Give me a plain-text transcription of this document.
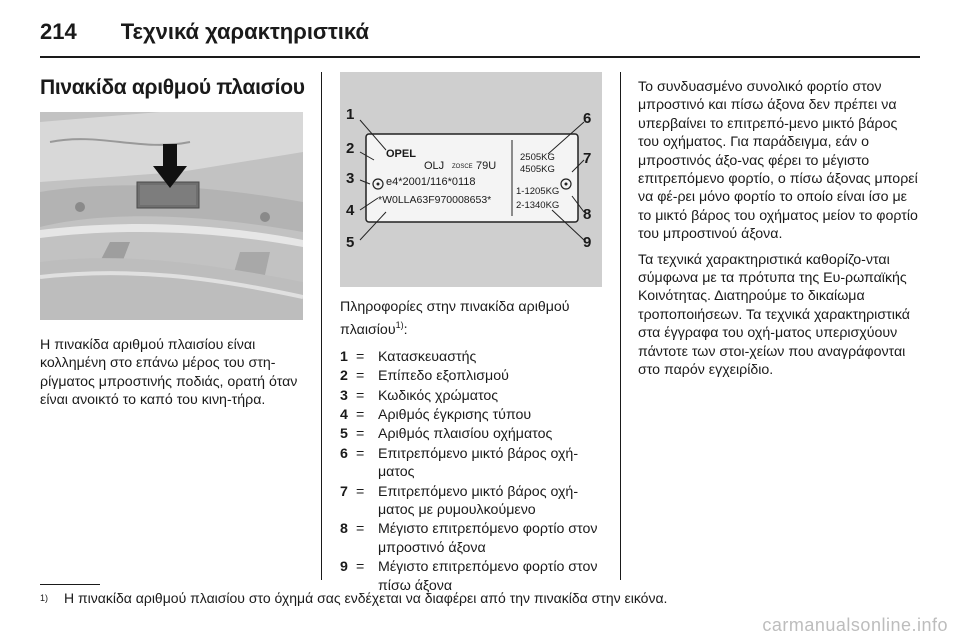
214 Τεχνικά χαρακτηριστικά
Πινακίδα αριθμού πλαισίου
1
2
3
4
5
6
7
8
9
OPEL
OLJ ZOSCE 79U
e4*2001/116*0118
*W0LLA63F970008653*
2505KG
4505KG
1-1205KG
2-1340KG
Η πινακίδα αριθμού πλαισίου είναι κολλημένη στο επάνω μέρος του στη-ρίγματος μπροστινής ποδιάς, ορατή όταν είναι ανοικτό το καπό του κινη-τήρα.
Πληροφορίες στην πινακίδα αριθμού πλαισίου$^{1)}$:
1 = Κατασκευαστής
2 = Επίπεδο εξοπλισμού
3 = Κωδικός χρώματος
4 = Αριθμός έγκρισης τύπου
5 = Αριθμός πλαισίου οχήματος
6 = Επιτρεπόμενο μικτό βάρος οχή-ματος
7 = Επιτρεπόμενο μικτό βάρος οχή-ματος με ρυμουλκούμενο
8 = Μέγιστο επιτρεπόμενο φορτίο στον μπροστινό άξονα
9 = Μέγιστο επιτρεπόμενο φορτίο στον πίσω άξονα

Το συνδυασμένο συνολικό φορτίο στον μπροστινό και πίσω άξονα δεν πρέπει να υπερβαίνει το επιτρεπό-μενο μικτό βάρος του οχήματος. Για παράδειγμα, εάν ο μπροστινός άξο-νας φέρει το μέγιστο επιτρεπόμενο φορτίο, ο πίσω άξονας μπορεί να φέ-ρει μόνο φορτίο το οποίο είναι ίσο με το μικτό βάρος του οχήματος μείον το φορτίο του μπροστινού άξονα.

Τα τεχνικά χαρακτηριστικά καθορίζο-νται σύμφωνα με τα πρότυπα της Ευ-ρωπαϊκής Κοινότητας. Διατηρούμε το δικαίωμα τροποποιήσεων. Τα τεχνικά χαρακτηριστικά στα έγγραφα του οχή-ματος υπερισχύουν πάντοτε των στοι-χείων που αναγράφονται στο παρόν εγχειρίδιο.

1) Η πινακίδα αριθμού πλαισίου στο όχημά σας ενδέχεται να διαφέρει από την πινακίδα στην εικόνα.
carmanualsonline.info
